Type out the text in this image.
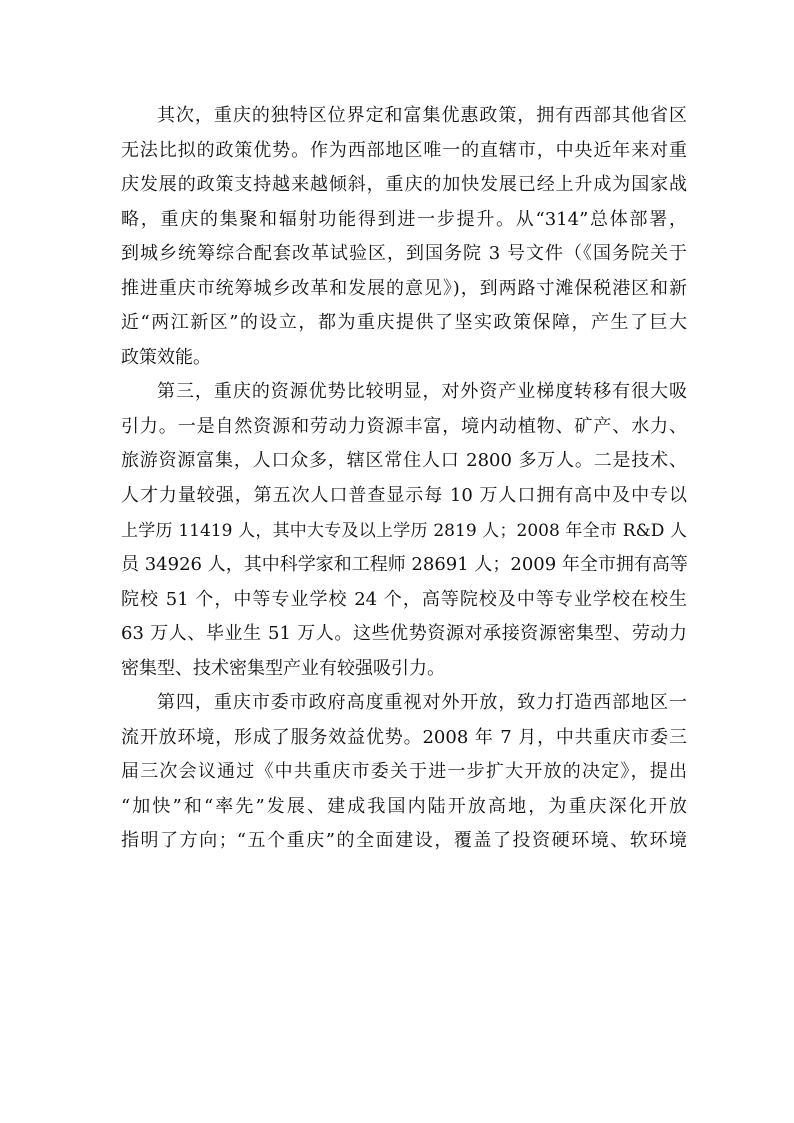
其次，重庆的独特区位界定和富集优惠政策，拥有西部其他省区
无法比拟的政策优势。作为西部地区唯一的直辖市，中央近年来对重
庆发展的政策支持越来越倾斜，重庆的加快发展已经上升成为国家战
略，重庆的集聚和辐射功能得到进一步提升。从“314”总体部署，
到城乡统筹综合配套改革试验区，到国务院 3 号文件（《国务院关于
推进重庆市统筹城乡改革和发展的意见》)，到两路寸滩保税港区和新
近“两江新区”的设立，都为重庆提供了坚实政策保障，产生了巨大
政策效能。
第三，重庆的资源优势比较明显，对外资产业梯度转移有很大吸
引力。一是自然资源和劳动力资源丰富，境内动植物、矿产、水力、
旅游资源富集，人口众多，辖区常住人口 2800 多万人。二是技术、
人才力量较强，第五次人口普查显示每 10 万人口拥有高中及中专以
上学历 11419 人，其中大专及以上学历 2819 人；2008 年全市 R&D 人
员 34926 人，其中科学家和工程师 28691 人；2009 年全市拥有高等
院校 51 个，中等专业学校 24 个，高等院校及中等专业学校在校生
63 万人、毕业生 51 万人。这些优势资源对承接资源密集型、劳动力
密集型、技术密集型产业有较强吸引力。
第四，重庆市委市政府高度重视对外开放，致力打造西部地区一
流开放环境，形成了服务效益优势。2008 年 7 月，中共重庆市委三
届三次会议通过《中共重庆市委关于进一步扩大开放的决定》，提出
“加快”和“率先”发展、建成我国内陆开放高地，为重庆深化开放
指明了方向；“五个重庆”的全面建设，覆盖了投资硬环境、软环境
